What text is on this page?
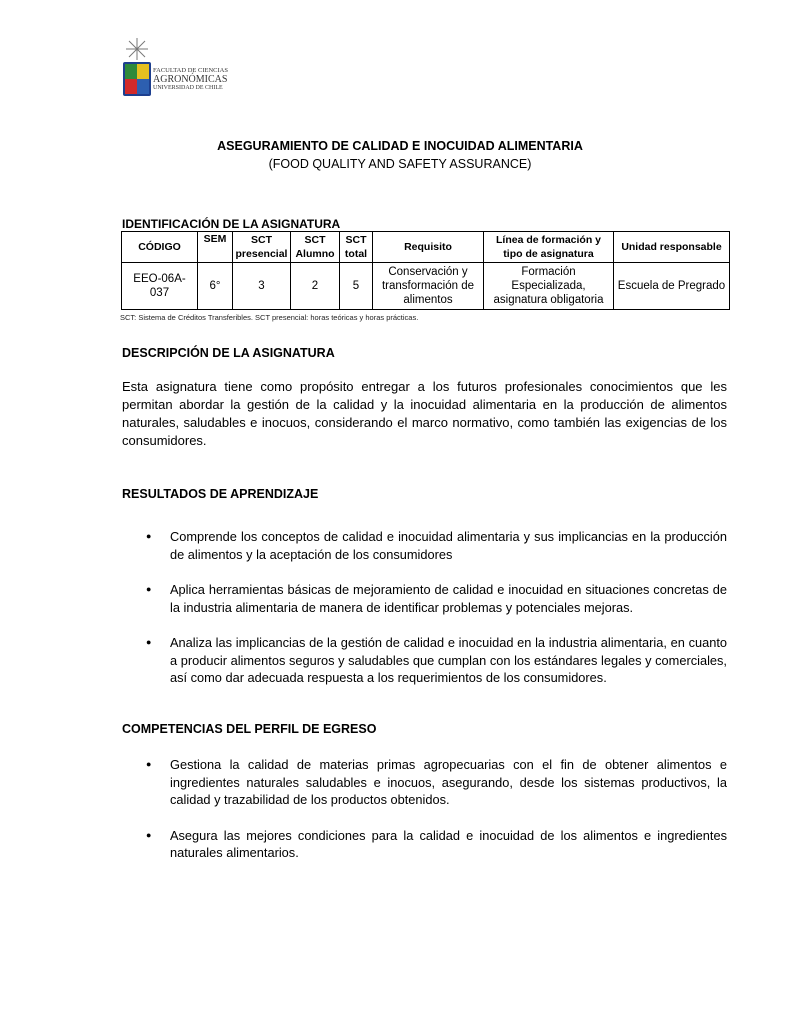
FACULTAD DE CIENCIAS
AGRONÓMICAS
UNIVERSIDAD DE CHILE
ASEGURAMIENTO DE CALIDAD E INOCUIDAD ALIMENTARIA
(FOOD QUALITY AND SAFETY ASSURANCE)
IDENTIFICACIÓN DE LA ASIGNATURA
CÓDIGO	SEM	SCT presencial	SCT Alumno	SCT total	Requisito	Línea de formación y tipo de asignatura	Unidad responsable
EEO-06A-037	6°	3	2	5	Conservación y transformación de alimentos	Formación Especializada, asignatura obligatoria	Escuela de Pregrado
SCT: Sistema de Créditos Transferibles. SCT presencial: horas teóricas y horas prácticas.
DESCRIPCIÓN DE LA ASIGNATURA
Esta asignatura tiene como propósito entregar a los futuros profesionales conocimientos que les permitan abordar la gestión de la calidad y la inocuidad alimentaria en la producción de alimentos naturales, saludables e inocuos, considerando el marco normativo, como también las exigencias de los consumidores.
RESULTADOS DE APRENDIZAJE
● Comprende los conceptos de calidad e inocuidad alimentaria y sus implicancias en la producción de alimentos y la aceptación de los consumidores
● Aplica herramientas básicas de mejoramiento de calidad e inocuidad en situaciones concretas de la industria alimentaria de manera de identificar problemas y potenciales mejoras.
● Analiza las implicancias de la gestión de calidad e inocuidad en la industria alimentaria, en cuanto a producir alimentos seguros y saludables que cumplan con los estándares legales y comerciales, así como dar adecuada respuesta a los requerimientos de los consumidores.
COMPETENCIAS DEL PERFIL DE EGRESO
● Gestiona la calidad de materias primas agropecuarias con el fin de obtener alimentos e ingredientes naturales saludables e inocuos, asegurando, desde los sistemas productivos, la calidad y trazabilidad de los productos obtenidos.
● Asegura las mejores condiciones para la calidad e inocuidad de los alimentos e ingredientes naturales alimentarios.
